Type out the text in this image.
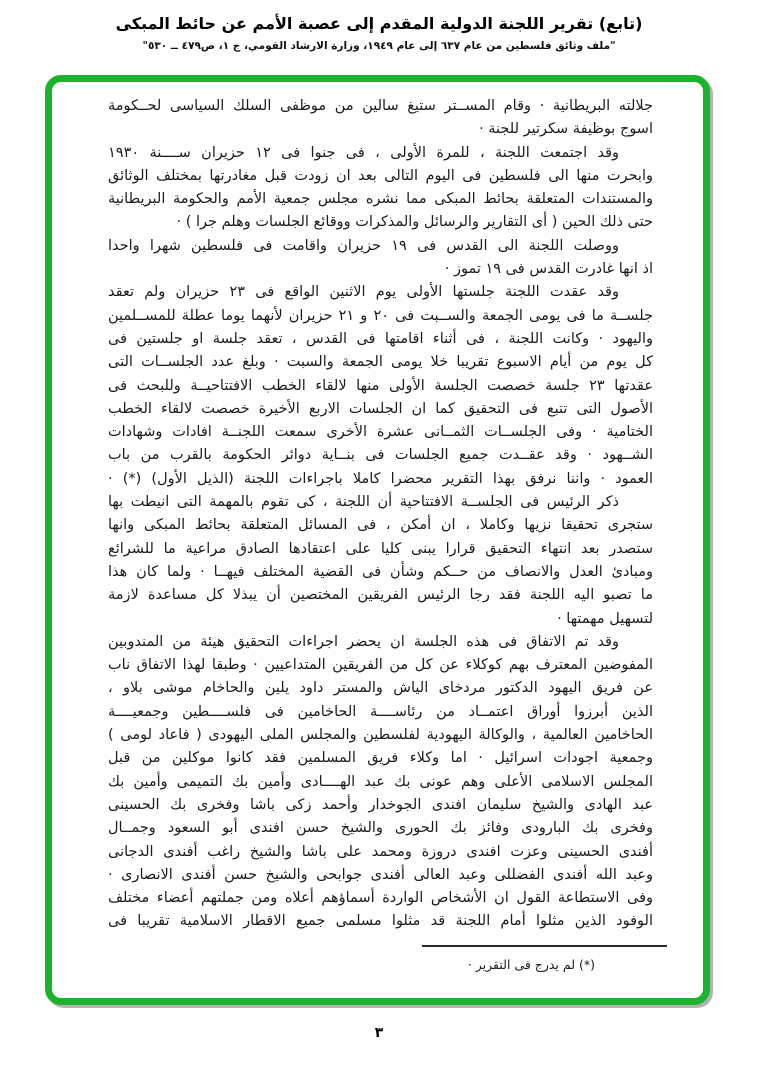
(تابع) تقرير اللجنة الدولية المقدم إلى عصبة الأمم عن حائط المبكى
"ملف وثائق فلسطين من عام ٦٣٧ إلى عام ١٩٤٩، وزارة الارشاد القومي، ج ١، ص٤٧٩ ــ ٥٣٠"
جلالته البريطانية · وقام المســتر ستيغ سالين من موظفى السلك السياسى لحــكومة
اسوج بوظيفة سكرتير للجنة ·
وقد اجتمعت اللجنة ، للمرة الأولى ، فى جنوا فى ١٢ حزيران ســــنة ١٩٣٠
وابحرت منها الى فلسطين فى اليوم التالى بعد ان زودت قبل مغادرتها بمختلف الوثائق
والمستندات المتعلقة بحائط المبكى مما نشره مجلس جمعية الأمم والحكومة البريطانية
حتى ذلك الحين ( أى التقارير والرسائل والمذكرات ووقائع الجلسات وهلم جرا ) ·
ووصلت اللجنة الى القدس فى ١٩ حزيران واقامت فى فلسطين شهرا واحدا
اذ انها غادرت القدس فى ١٩ تموز ·
وقد عقدت اللجنة جلستها الأولى يوم الاثنين الواقع فى ٢٣ حزيران ولم تعقد
جلســة ما فى يومى الجمعة والســبت فى ٢٠ و ٢١ حزيران لأنهما يوما عطلة للمســلمين
واليهود · وكانت اللجنة ، فى أثناء اقامتها فى القدس ، تعقد جلسة او جلستين فى
كل يوم من أيام الاسبوع تقريبا خلا يومى الجمعة والسبت · وبلغ عدد الجلســات التى
عقدتها ٢٣ جلسة خصصت الجلسة الأولى منها لالقاء الخطب الافتتاحيــة وللبحث فى
الأصول التى تتبع فى التحقيق كما ان الجلسات الاربع الأخيرة خصصت لالقاء الخطب
الختامية · وفى الجلســات الثمــانى عشرة الأخرى سمعت اللجنــة افادات وشهادات
الشــهود · وقد عقــدت جميع الجلسات فى بنــاية دوائر الحكومة بالقرب من باب
العمود · واننا نرفق بهذا التقرير محضرا كاملا باجراءات اللجنة (الذيل الأول) (*) ·
ذكر الرئيس فى الجلســة الافتتاحية أن اللجنة ، كى تقوم بالمهمة التى انيطت بها
ستجرى تحقيقا نزيها وكاملا ، ان أمكن ، فى المسائل المتعلقة بحائط المبكى وانها
ستصدر بعد انتهاء التحقيق قرارا يبنى كليا على اعتقادها الصادق مراعية ما للشرائع
ومبادئ العدل والانصاف من حــكم وشأن فى القضية المختلف فيهــا · ولما كان هذا
ما تصبو اليه اللجنة فقد رجا الرئيس الفريقين المختصين أن يبذلا كل مساعدة لازمة
لتسهيل مهمتها ·
وقد تم الاتفاق فى هذه الجلسة ان يحضر اجراءات التحقيق هيئة من المندوبين
المفوضين المعترف بهم كوكلاء عن كل من الفريقين المتداعيين · وطبقا لهذا الاتفاق ناب
عن فريق اليهود الدكتور مردخاى الياش والمستر داود يلين والحاخام موشى بلاو ،
الذين أبرزوا أوراق اعتمــاد من رئاســــة الحاخامين فى فلســــطين وجمعيــــة
الحاخامين العالمية ، والوكالة اليهودية لفلسطين والمجلس الملى اليهودى ( فاعاد لومى )
وجمعية اجودات اسرائيل · اما وكلاء فريق المسلمين فقد كانوا موكلين من قبل
المجلس الاسلامى الأعلى وهم عونى بك عبد الهــــادى وأمين بك التميمى وأمين بك
عبد الهادى والشيخ سليمان افندى الجوخدار وأحمد زكى باشا وفخرى بك الحسينى
وفخرى بك البارودى وفائز بك الحورى والشيخ حسن افندى أبو السعود وجمــال
أفندى الحسينى وعزت افندى دروزة ومحمد على باشا والشيخ راغب أفندى الدجانى
وعبد الله أفندى الفضللى وعبد العالى أفندى جوابحى والشيخ حسن أفندى الانصارى ·
وفى الاستطاعة القول ان الأشخاص الواردة أسماؤهم أعلاه ومن جملتهم أعضاء مختلف
الوفود الذين مثلوا أمام اللجنة قد مثلوا مسلمى جميع الاقطار الاسلامية تقريبا فى
(*) لم يدرج فى التقرير ·
٣
